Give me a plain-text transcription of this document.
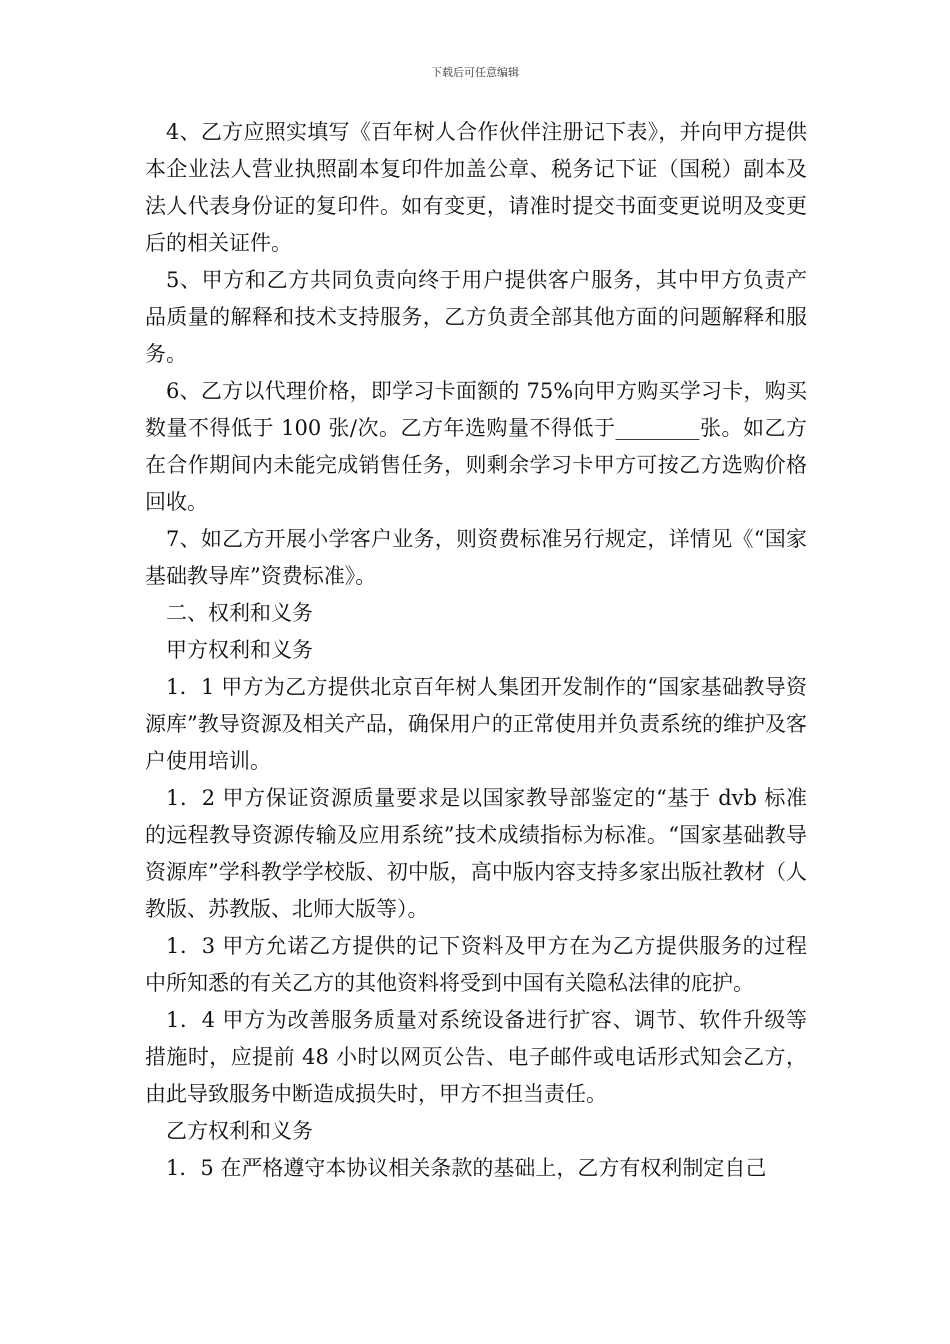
下载后可任意编辑

4、乙方应照实填写《百年树人合作伙伴注册记下表》，并向甲方提供本企业法人营业执照副本复印件加盖公章、税务记下证（国税）副本及法人代表身份证的复印件。如有变更，请准时提交书面变更说明及变更后的相关证件。

5、甲方和乙方共同负责向终于用户提供客户服务，其中甲方负责产品质量的解释和技术支持服务，乙方负责全部其他方面的问题解释和服务。

6、乙方以代理价格，即学习卡面额的 75%向甲方购买学习卡，购买数量不得低于 100 张/次。乙方年选购量不得低于________张。如乙方在合作期间内未能完成销售任务，则剩余学习卡甲方可按乙方选购价格回收。

7、如乙方开展小学客户业务，则资费标准另行规定，详情见《“国家基础教导库”资费标准》。

二、权利和义务

甲方权利和义务

1．1 甲方为乙方提供北京百年树人集团开发制作的“国家基础教导资源库”教导资源及相关产品，确保用户的正常使用并负责系统的维护及客户使用培训。

1．2 甲方保证资源质量要求是以国家教导部鉴定的“基于 dvb 标准的远程教导资源传输及应用系统”技术成绩指标为标准。“国家基础教导资源库”学科教学学校版、初中版，高中版内容支持多家出版社教材（人教版、苏教版、北师大版等）。

1．3 甲方允诺乙方提供的记下资料及甲方在为乙方提供服务的过程中所知悉的有关乙方的其他资料将受到中国有关隐私法律的庇护。

1．4 甲方为改善服务质量对系统设备进行扩容、调节、软件升级等措施时，应提前 48 小时以网页公告、电子邮件或电话形式知会乙方，由此导致服务中断造成损失时，甲方不担当责任。

乙方权利和义务

1．5 在严格遵守本协议相关条款的基础上，乙方有权利制定自己
